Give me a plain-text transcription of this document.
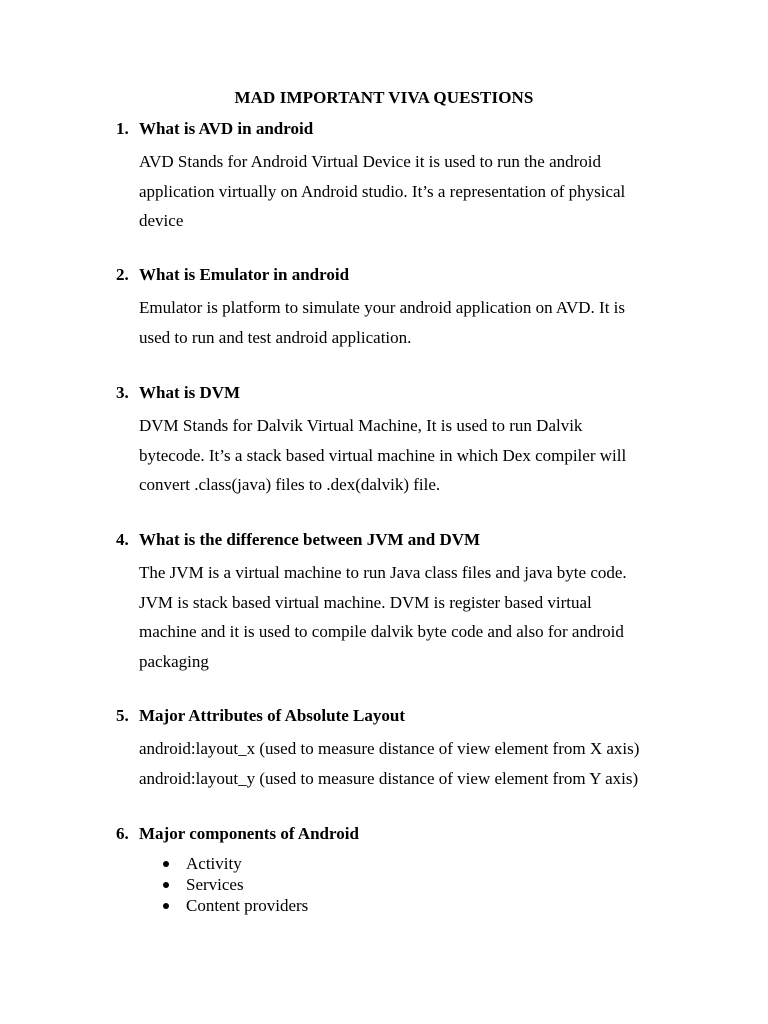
MAD IMPORTANT VIVA QUESTIONS
1. What is AVD in android
AVD Stands for Android Virtual Device it is used to run the android
application virtually on Android studio. It’s a representation of physical
device
2. What is Emulator in android
Emulator is platform to simulate your android application on AVD. It is
used to run and test android application.
3. What is DVM
DVM Stands for Dalvik Virtual Machine, It is used to run Dalvik
bytecode. It’s a stack based virtual machine in which Dex compiler will
convert .class(java) files to .dex(dalvik) file.
4. What is the difference between JVM and DVM
The JVM is a virtual machine to run Java class files and java byte code.
JVM is stack based virtual machine. DVM is register based virtual
machine and it is used to compile dalvik byte code and also for android
packaging
5. Major Attributes of Absolute Layout
android:layout_x (used to measure distance of view element from X axis)
android:layout_y (used to measure distance of view element from Y axis)
6. Major components of Android
Activity
Services
Content providers
